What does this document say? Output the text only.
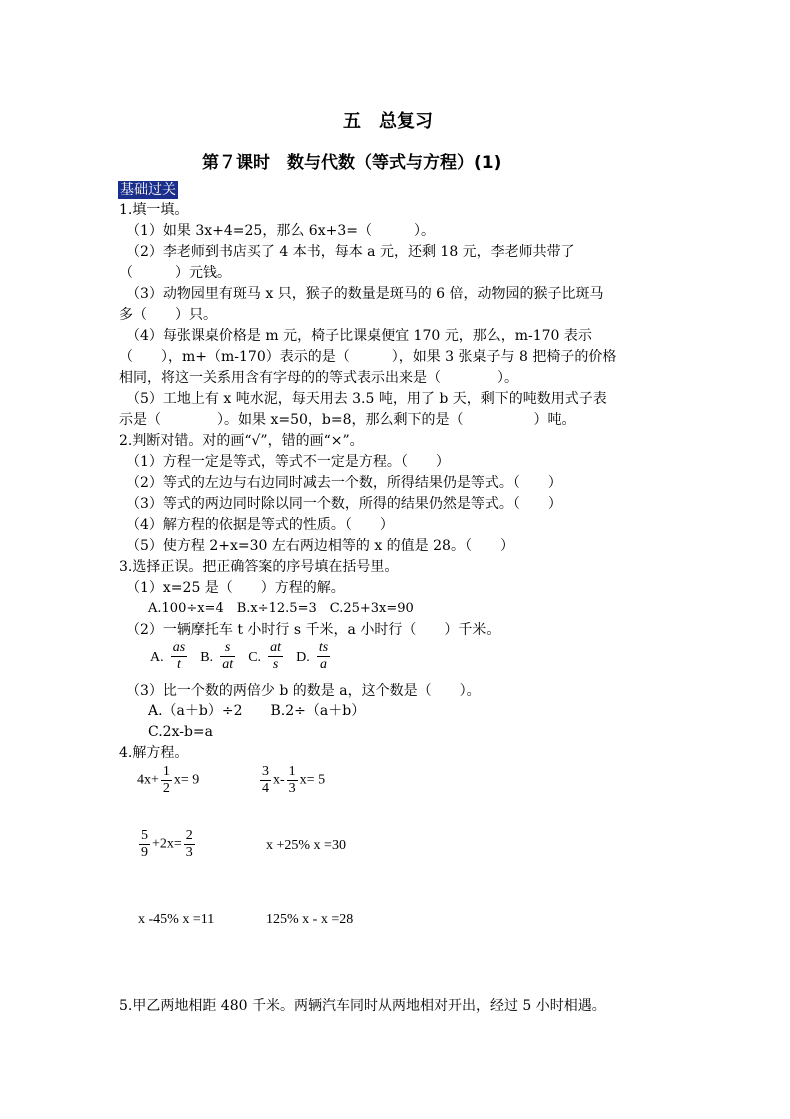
五　总复习
第７课时　数与代数（等式与方程）(1)
基础过关
1.填一填。
（1）如果 3x+4=25，那么 6x+3=（　　　）。
（2）李老师到书店买了 4 本书，每本 a 元，还剩 18 元，李老师共带了
（　　　）元钱。
（3）动物园里有斑马 x 只，猴子的数量是斑马的 6 倍，动物园的猴子比斑马
多（　　）只。
（4）每张课桌价格是 m 元，椅子比课桌便宜 170 元，那么，m-170 表示
（　　），m+（m-170）表示的是（　　　），如果 3 张桌子与 8 把椅子的价格
相同，将这一关系用含有字母的的等式表示出来是（　　　　）。
（5）工地上有 x 吨水泥，每天用去 3.5 吨，用了 b 天，剩下的吨数用式子表
示是（　　　　）。如果 x=50，b=8，那么剩下的是（　　　　　）吨。
2.判断对错。对的画“√”，错的画“×”。
（1）方程一定是等式，等式不一定是方程。（　　）
（2）等式的左边与右边同时减去一个数，所得结果仍是等式。（　　）
（3）等式的两边同时除以同一个数，所得的结果仍然是等式。（　　）
（4）解方程的依据是等式的性质。（　　）
（5）使方程 2+x=30 左右两边相等的 x 的值是 28。（　　）
3.选择正误。把正确答案的序号填在括号里。
（1）x=25 是（　　）方程的解。
A.100÷x=4　B.x÷12.5=3　C.25+3x=90
（2）一辆摩托车 t 小时行 s 千米，a 小时行（　　）千米。
A. $\frac{as}{t} B$. $\frac{s}{at} C$. $\frac{at}{s} D$. $\frac{ts}{a}$
（3）比一个数的两倍少 b 的数是 a，这个数是（　　）。
A.（a＋b）÷2　　B.2÷（a＋b）
C.2x-b=a
4.解方程。
$4x+ \frac{1}{2} x= 9$	$\frac{3}{4} x- \frac{1}{3} x= 5$
$\frac{5}{9} +2x= \frac{2}{3}$	x +25% x =30
x -45% x =11	125% x - x =28
5.甲乙两地相距 480 千米。两辆汽车同时从两地相对开出，经过 5 小时相遇。
